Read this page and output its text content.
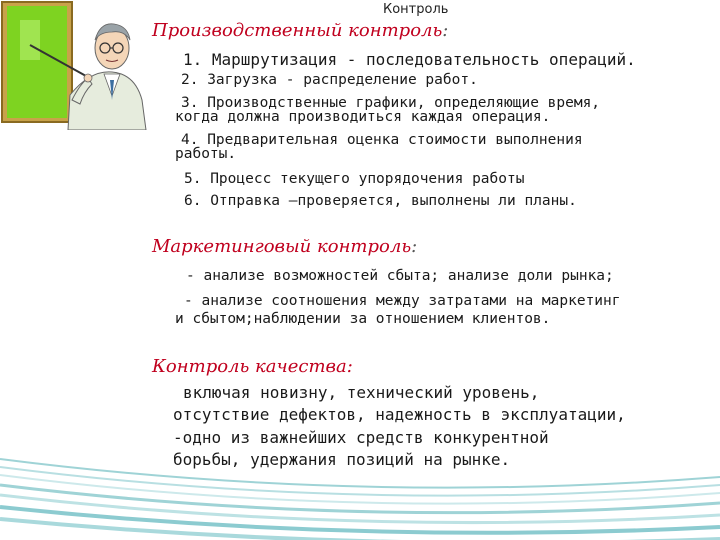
Контроль
Производственный контроль:
1. Маршрутизация - последовательность операций.
2. Загрузка - распределение работ.
3. Производственные графики, определяющие время,
когда должна производиться каждая операция.
4. Предварительная оценка стоимости выполнения
работы.
5. Процесс текущего упорядочения работы
6. Отправка —проверяется, выполнены ли планы.
Маркетинговый контроль:
- анализе возможностей сбыта; анализе доли рынка;
- анализе соотношения между затратами на маркетинг
и сбытом;наблюдении за отношением клиентов.
Контроль качества:
включая новизну, технический уровень,
отсутствие дефектов, надежность в эксплуатации,
-одно из важнейших средств конкурентной
борьбы, удержания позиций на рынке.
